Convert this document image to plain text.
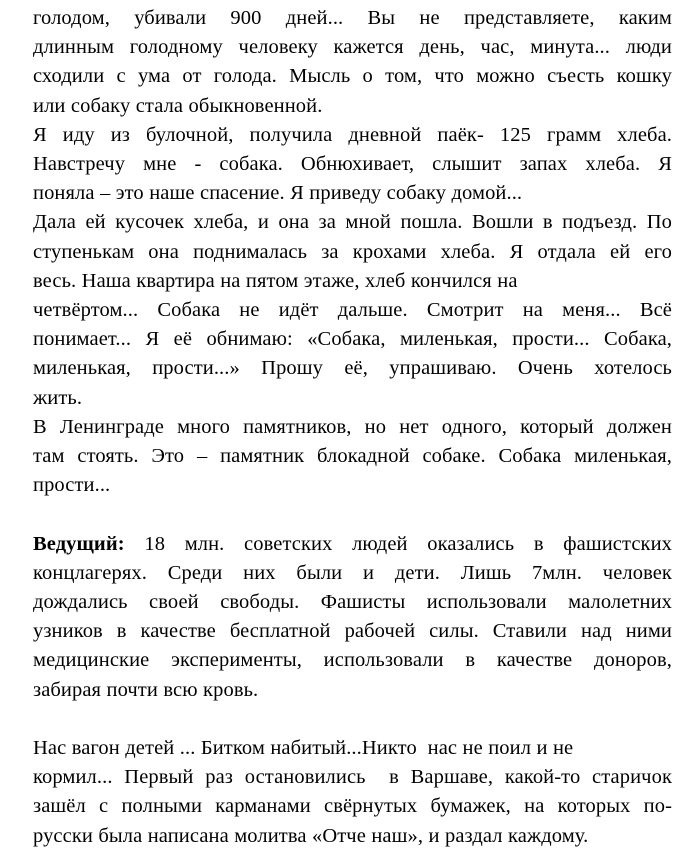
голодом, убивали 900 дней... Вы не представляете, каким
длинным голодному человеку кажется день, час, минута... люди
сходили с ума от голода. Мысль о том, что можно съесть кошку
или собаку стала обыкновенной.

Я иду из булочной, получила дневной паёк- 125 грамм хлеба.
Навстречу мне - собака. Обнюхивает, слышит запах хлеба. Я
поняла – это наше спасение. Я приведу собаку домой...

Дала ей кусочек хлеба, и она за мной пошла. Вошли в подъезд. По
ступенькам она поднималась за крохами хлеба. Я отдала ей его
весь. Наша квартира на пятом этаже, хлеб кончился на
четвёртом... Собака не идёт дальше. Смотрит на меня... Всё
понимает... Я её обнимаю: «Собака, миленькая, прости... Собака,
миленькая, прости...» Прошу её, упрашиваю. Очень хотелось
жить.

В Ленинграде много памятников, но нет одного, который должен
там стоять. Это – памятник блокадной собаке. Собака миленькая,
прости...

Ведущий: 18 млн. советских людей оказались в фашистских
концлагерях. Среди них были и дети. Лишь 7млн. человек
дождались своей свободы. Фашисты использовали малолетних
узников в качестве бесплатной рабочей силы. Ставили над ними
медицинские эксперименты, использовали в качестве доноров,
забирая почти всю кровь.

Нас вагон детей ... Битком набитый...Никто  нас не поил и не
кормил... Первый раз остановились  в Варшаве, какой-то старичок
зашёл с полными карманами свёрнутых бумажек, на которых по-
русски была написана молитва «Отче наш», и раздал каждому.
